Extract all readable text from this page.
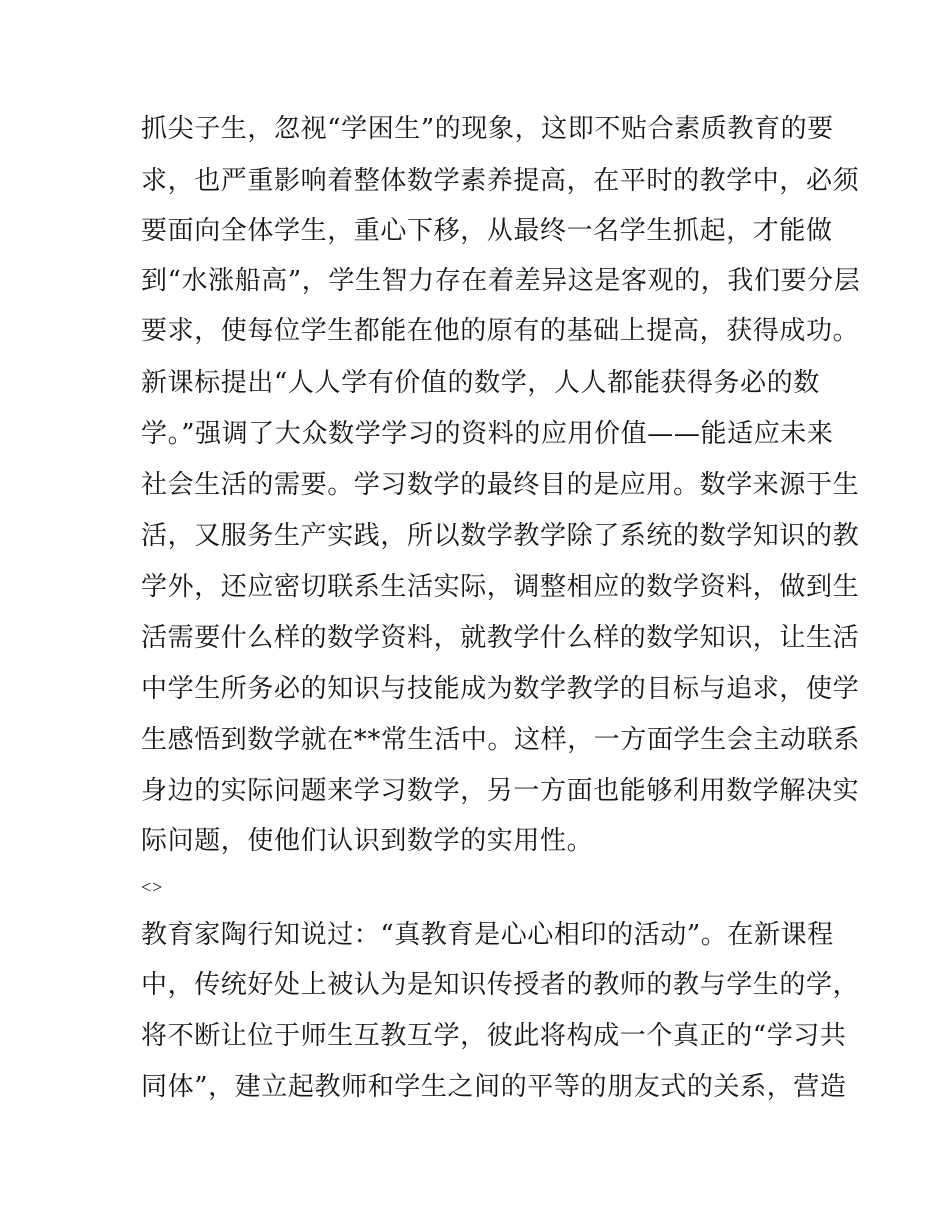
抓尖子生，忽视“学困生”的现象，这即不贴合素质教育的要
求，也严重影响着整体数学素养提高，在平时的教学中，必须
要面向全体学生，重心下移，从最终一名学生抓起，才能做
到“水涨船高”，学生智力存在着差异这是客观的，我们要分层
要求，使每位学生都能在他的原有的基础上提高，获得成功。
新课标提出“人人学有价值的数学，人人都能获得务必的数
学。”强调了大众数学学习的资料的应用价值——能适应未来
社会生活的需要。学习数学的最终目的是应用。数学来源于生
活，又服务生产实践，所以数学教学除了系统的数学知识的教
学外，还应密切联系生活实际，调整相应的数学资料，做到生
活需要什么样的数学资料，就教学什么样的数学知识，让生活
中学生所务必的知识与技能成为数学教学的目标与追求，使学
生感悟到数学就在**常生活中。这样，一方面学生会主动联系
身边的实际问题来学习数学，另一方面也能够利用数学解决实
际问题，使他们认识到数学的实用性。
<>
教育家陶行知说过：“真教育是心心相印的活动”。在新课程
中，传统好处上被认为是知识传授者的教师的教与学生的学，
将不断让位于师生互教互学，彼此将构成一个真正的“学习共
同体”，建立起教师和学生之间的平等的朋友式的关系，营造
